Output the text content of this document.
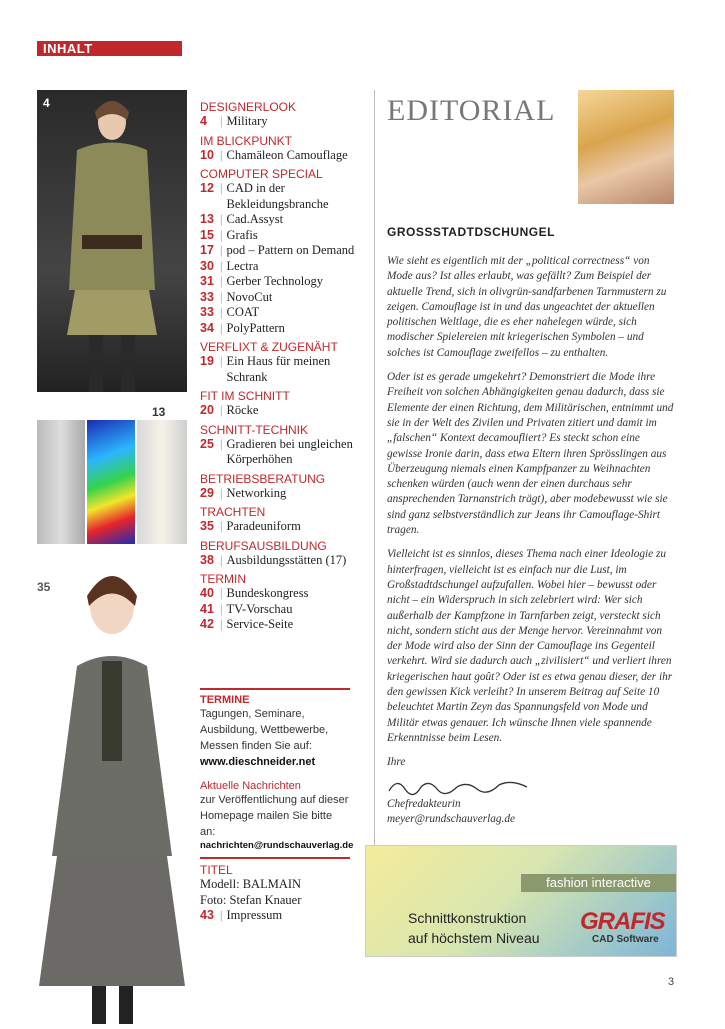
INHALT
4
13
35
DESIGNERLOOK
4	| Military
IM BLICKPUNKT
10 | Chamäleon Camouflage
COMPUTER SPECIAL
12 | CAD in der Bekleidungsbranche
13 | Cad.Assyst
15 | Grafis
17 | pod – Pattern on Demand
30 | Lectra
31 | Gerber Technology
33 | NovoCut
33 | COAT
34 | PolyPattern
VERFLIXT & ZUGENÄHT
19 | Ein Haus für meinen Schrank
FIT IM SCHNITT
20 | Röcke
SCHNITT-TECHNIK
25 | Gradieren bei ungleichen Körperhöhen
BETRIEBSBERATUNG
29 | Networking
TRACHTEN
35 | Paradeuniform
BERUFSAUSBILDUNG
38 | Ausbildungsstätten (17)
TERMIN
40 | Bundeskongress
41 | TV-Vorschau
42 | Service-Seite
TERMINE
Tagungen, Seminare, Ausbildung, Wettbewerbe, Messen finden Sie auf:
www.dieschneider.net
Aktuelle Nachrichten
zur Veröffentlichung auf dieser Homepage mailen Sie bitte an:
nachrichten@rundschauverlag.de
TITEL
Modell: BALMAIN
Foto: Stefan Knauer
43 | Impressum
EDITORIAL
GROSSSTADTDSCHUNGEL

Wie sieht es eigentlich mit der „political correctness“ von Mode aus? Ist alles erlaubt, was gefällt? Zum Beispiel der aktuelle Trend, sich in olivgrün-sandfarbenen Tarnmustern zu zeigen. Camouflage ist in und das ungeachtet der aktuellen politischen Weltlage, die es eher nahelegen würde, sich modischer Spielereien mit kriegerischen Symbolen – und solches ist Camouflage zweifellos – zu enthalten.

Oder ist es gerade umgekehrt? Demonstriert die Mode ihre Freiheit von solchen Abhängigkeiten genau dadurch, dass sie Elemente der einen Richtung, dem Militärischen, entnimmt und sie in der Welt des Zivilen und Privaten zitiert und damit im „falschen“ Kontext decamoufliert? Es steckt schon eine gewisse Ironie darin, dass etwa Eltern ihren Sprösslingen aus Überzeugung niemals einen Kampfpanzer zu Weihnachten schenken würden (auch wenn der einen durchaus sehr ansprechenden Tarnanstrich trägt), aber modebewusst wie sie sind ganz selbstverständlich zur Jeans ihr Camouflage-Shirt tragen.

Vielleicht ist es sinnlos, dieses Thema nach einer Ideologie zu hinterfragen, vielleicht ist es einfach nur die Lust, im Großstadtdschungel aufzufallen. Wobei hier – bewusst oder nicht – ein Widerspruch in sich zelebriert wird: Wer sich außerhalb der Kampfzone in Tarnfarben zeigt, versteckt sich nicht, sondern sticht aus der Menge hervor. Vereinnahmt von der Mode wird also der Sinn der Camouflage ins Gegenteil verkehrt. Wird sie dadurch auch „zivilisiert“ und verliert ihren kriegerischen haut goût? Oder ist es etwa genau dieser, der ihr den gewissen Kick verleiht? In unserem Beitrag auf Seite 10 beleuchtet Martin Zeyn das Spannungsfeld von Mode und Militär etwas genauer. Ich wünsche Ihnen viele spannende Erkenntnisse beim Lesen.

Ihre
Chefredakteurin
meyer@rundschauverlag.de
fashion interactive
Schnittkonstruktion
auf höchstem Niveau
GRAFIS
CAD Software
3
